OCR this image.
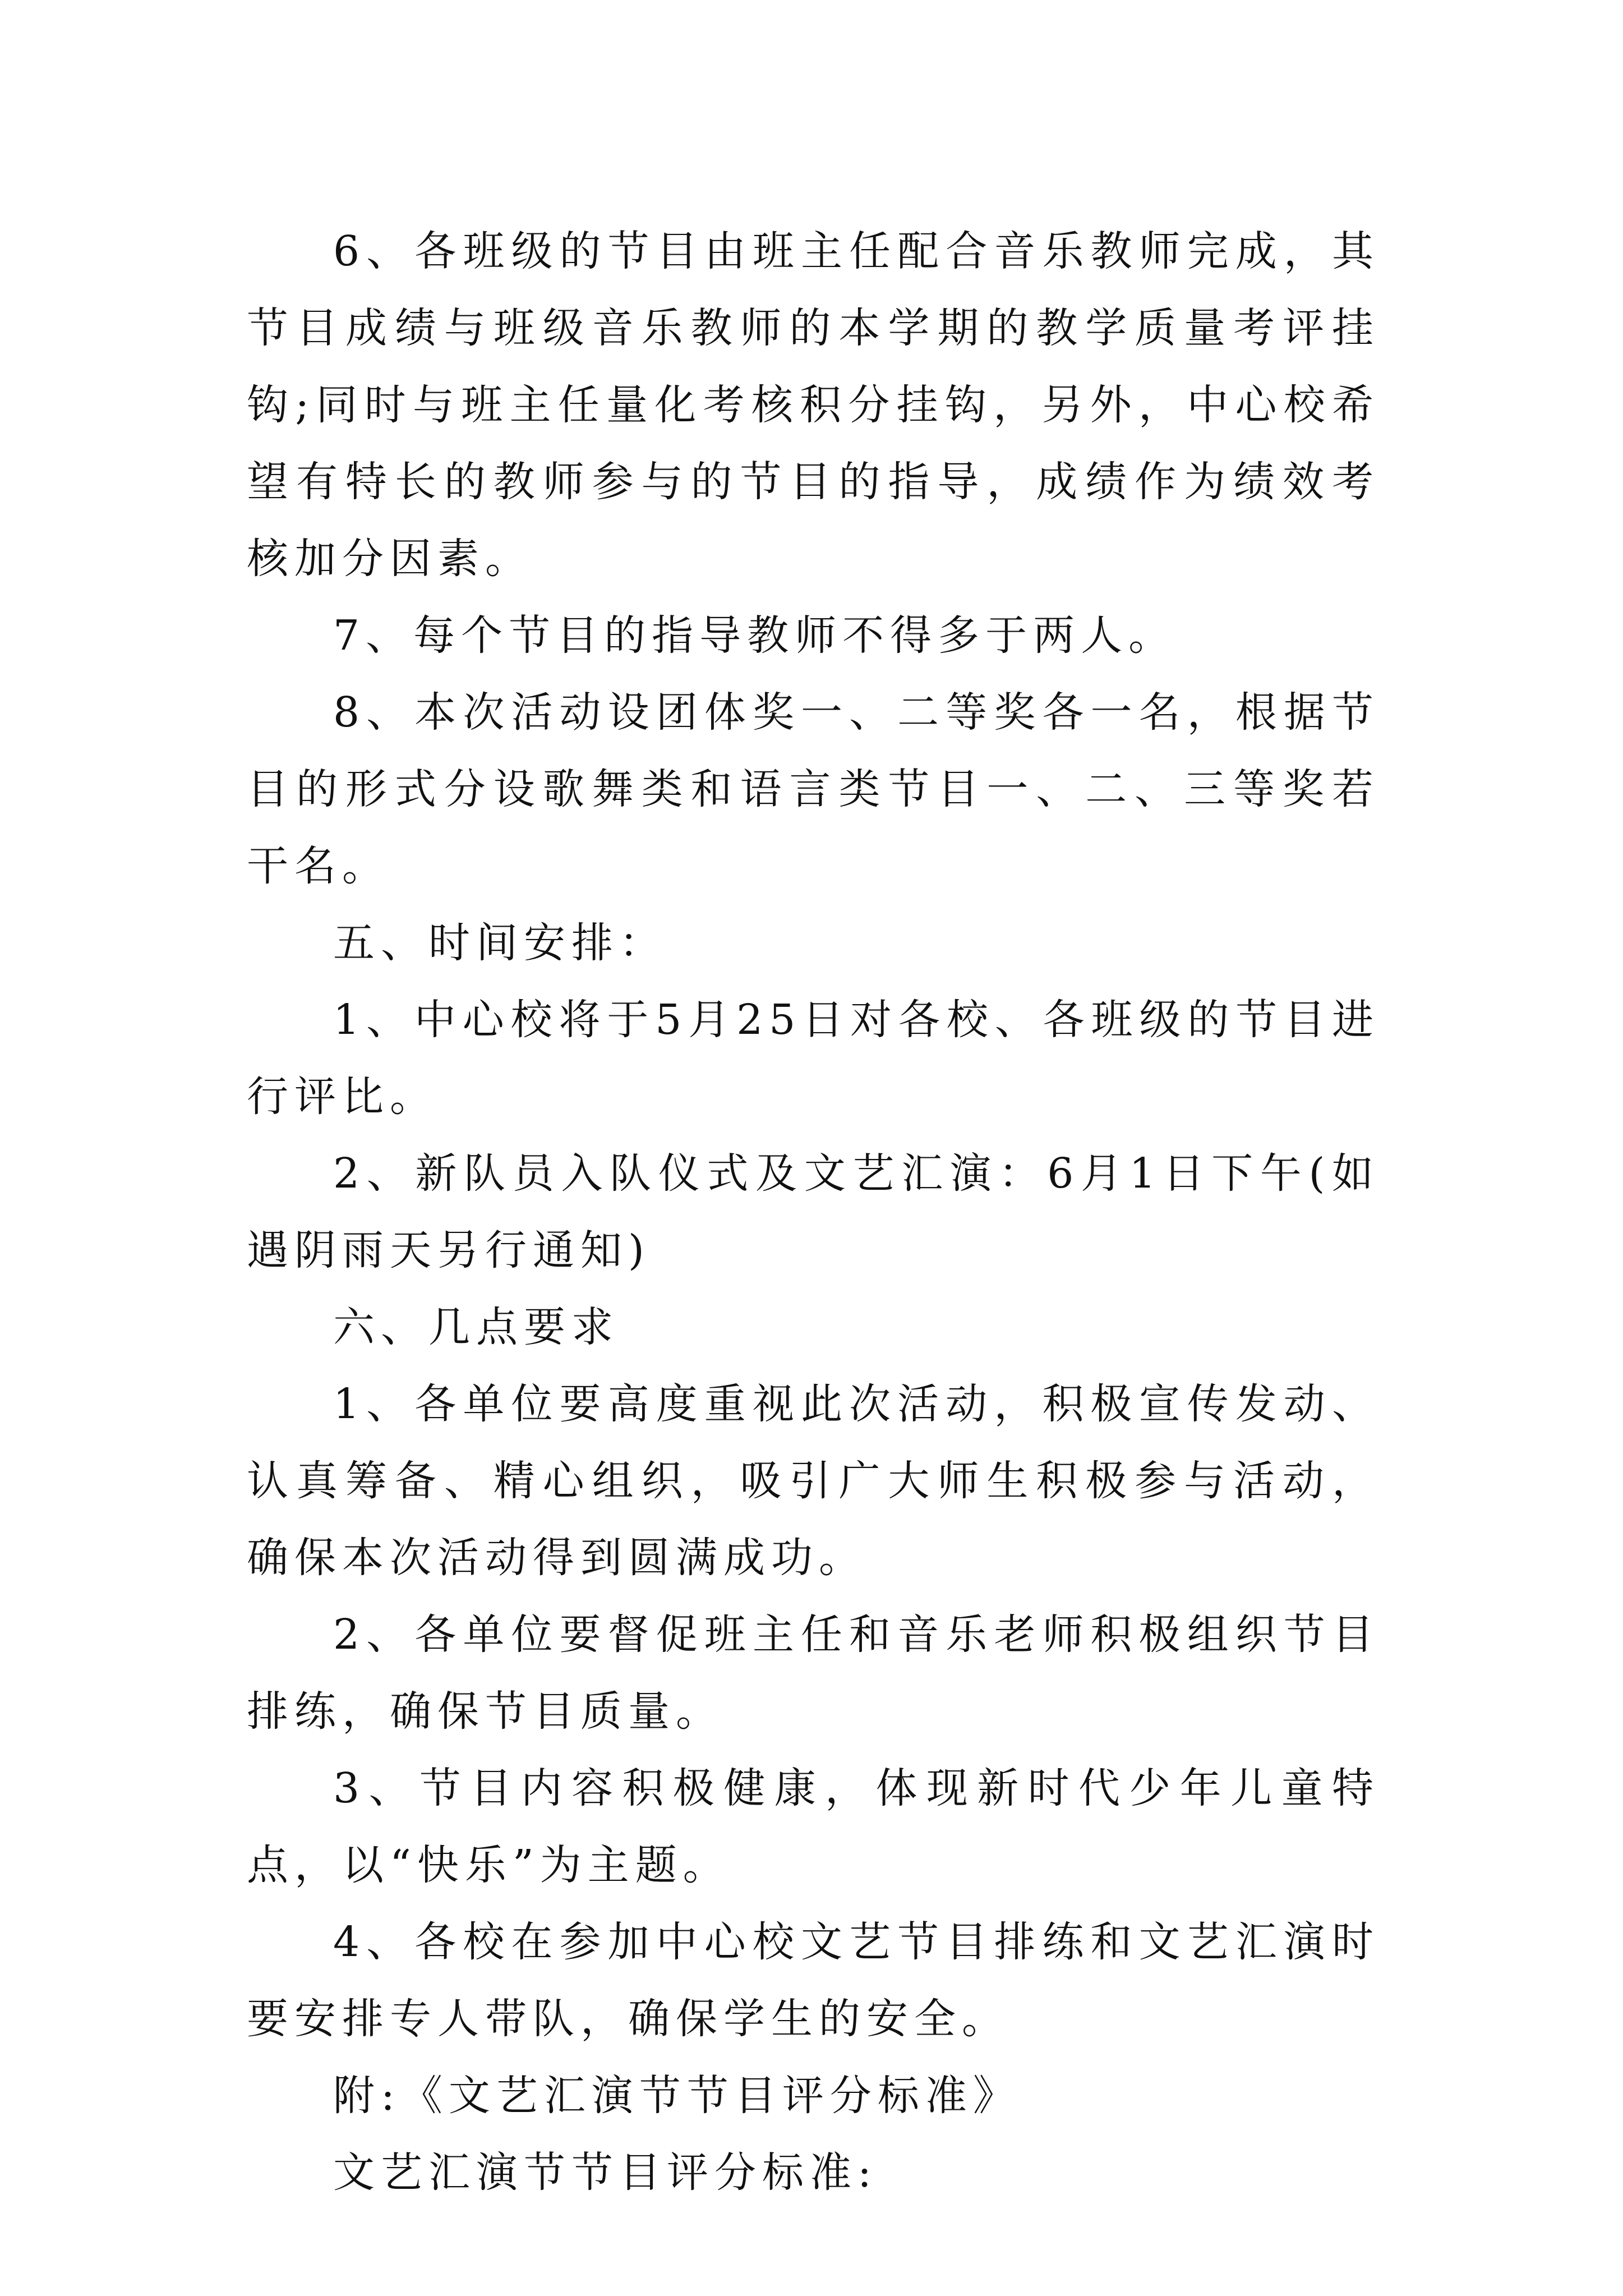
6、各班级的节目由班主任配合音乐教师完成，其节目成绩与班级音乐教师的本学期的教学质量考评挂钩;同时与班主任量化考核积分挂钩，另外，中心校希望有特长的教师参与的节目的指导，成绩作为绩效考核加分因素。

7、每个节目的指导教师不得多于两人。

8、本次活动设团体奖一、二等奖各一名，根据节目的形式分设歌舞类和语言类节目一、二、三等奖若干名。

五、时间安排：

1、中心校将于5月25日对各校、各班级的节目进行评比。

2、新队员入队仪式及文艺汇演：6月1日下午(如遇阴雨天另行通知)

六、几点要求

1、各单位要高度重视此次活动，积极宣传发动、认真筹备、精心组织，吸引广大师生积极参与活动，确保本次活动得到圆满成功。

2、各单位要督促班主任和音乐老师积极组织节目排练，确保节目质量。

3、节目内容积极健康，体现新时代少年儿童特点，以“快乐”为主题。

4、各校在参加中心校文艺节目排练和文艺汇演时要安排专人带队，确保学生的安全。

附:《文艺汇演节节目评分标准》

文艺汇演节节目评分标准:
